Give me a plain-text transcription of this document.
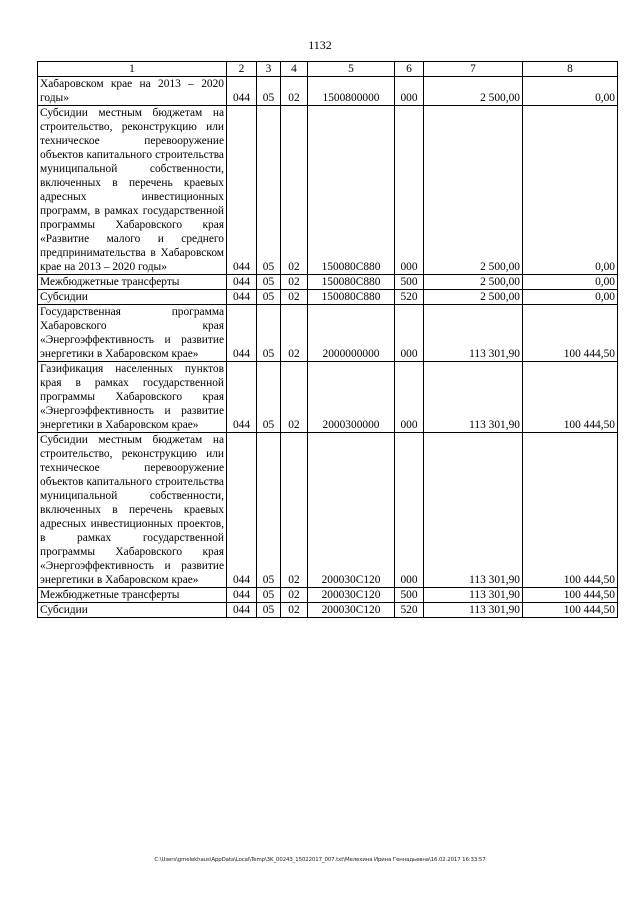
1132
1	2	3	4	5	6	7	8
Хабаровском крае на 2013 – 2020 годы»	044	05	02	1500800000	000	2 500,00	0,00
Субсидии местным бюджетам на строительство, реконструкцию или техническое перевооружение объектов капитального строительства муниципальной собственности, включенных в перечень краевых адресных инвестиционных программ, в рамках государственной программы Хабаровского края «Развитие малого и среднего предпринимательства в Хабаровском крае на 2013 – 2020 годы»	044	05	02	150080C880	000	2 500,00	0,00
Межбюджетные трансферты	044	05	02	150080C880	500	2 500,00	0,00
Субсидии	044	05	02	150080C880	520	2 500,00	0,00
Государственная программа Хабаровского края «Энергоэффективность и развитие энергетики в Хабаровском крае»	044	05	02	2000000000	000	113 301,90	100 444,50
Газификация населенных пунктов края в рамках государственной программы Хабаровского края «Энергоэффективность и развитие энергетики в Хабаровском крае»	044	05	02	2000300000	000	113 301,90	100 444,50
Субсидии местным бюджетам на строительство, реконструкцию или техническое перевооружение объектов капитального строительства муниципальной собственности, включенных в перечень краевых адресных инвестиционных проектов, в рамках государственной программы Хабаровского края «Энергоэффективность и развитие энергетики в Хабаровском крае»	044	05	02	200030C120	000	113 301,90	100 444,50
Межбюджетные трансферты	044	05	02	200030C120	500	113 301,90	100 444,50
Субсидии	044	05	02	200030C120	520	113 301,90	100 444,50
C:\Users\gmelekhaus\AppData\Local\Temp\3K_00243_15022017_007.txt\Мелехина Ирина Геннадьевна\16.02.2017 16:33:57
